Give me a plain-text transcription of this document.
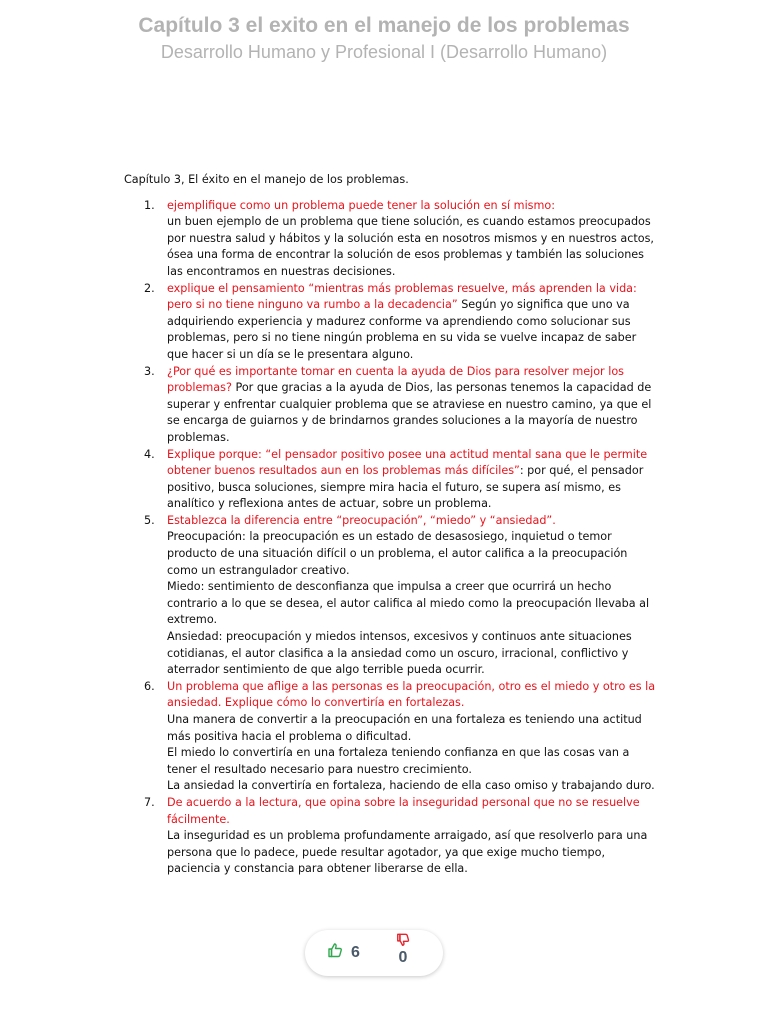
Capítulo 3 el exito en el manejo de los problemas
Desarrollo Humano y Profesional I (Desarrollo Humano)
Capítulo 3, El éxito en el manejo de los problemas.
1. ejemplifique como un problema puede tener la solución en sí mismo:
un buen ejemplo de un problema que tiene solución, es cuando estamos preocupados por nuestra salud y hábitos y la solución esta en nosotros mismos y en nuestros actos, ósea una forma de encontrar la solución de esos problemas y también las soluciones las encontramos en nuestras decisiones.
2. explique el pensamiento “mientras más problemas resuelve, más aprenden la vida: pero si no tiene ninguno va rumbo a la decadencia” Según yo significa que uno va adquiriendo experiencia y madurez conforme va aprendiendo como solucionar sus problemas, pero si no tiene ningún problema en su vida se vuelve incapaz de saber que hacer si un día se le presentara alguno.
3. ¿Por qué es importante tomar en cuenta la ayuda de Dios para resolver mejor los problemas? Por que gracias a la ayuda de Dios, las personas tenemos la capacidad de superar y enfrentar cualquier problema que se atraviese en nuestro camino, ya que el se encarga de guiarnos y de brindarnos grandes soluciones a la mayoría de nuestro problemas.
4. Explique porque: “el pensador positivo posee una actitud mental sana que le permite obtener buenos resultados aun en los problemas más difíciles”: por qué, el pensador positivo, busca soluciones, siempre mira hacia el futuro, se supera así mismo, es analítico y reflexiona antes de actuar, sobre un problema.
5. Establezca la diferencia entre “preocupación”, “miedo” y “ansiedad”.
Preocupación: la preocupación es un estado de desasosiego, inquietud o temor producto de una situación difícil o un problema, el autor califica a la preocupación como un estrangulador creativo.
Miedo: sentimiento de desconfianza que impulsa a creer que ocurrirá un hecho contrario a lo que se desea, el autor califica al miedo como la preocupación llevaba al extremo.
Ansiedad: preocupación y miedos intensos, excesivos y continuos ante situaciones cotidianas, el autor clasifica a la ansiedad como un oscuro, irracional, conflictivo y aterrador sentimiento de que algo terrible pueda ocurrir.
6. Un problema que aflige a las personas es la preocupación, otro es el miedo y otro es la ansiedad. Explique cómo lo convertiría en fortalezas.
Una manera de convertir a la preocupación en una fortaleza es teniendo una actitud más positiva hacia el problema o dificultad.
El miedo lo convertiría en una fortaleza teniendo confianza en que las cosas van a tener el resultado necesario para nuestro crecimiento.
La ansiedad la convertiría en fortaleza, haciendo de ella caso omiso y trabajando duro.
7. De acuerdo a la lectura, que opina sobre la inseguridad personal que no se resuelve fácilmente.
La inseguridad es un problema profundamente arraigado, así que resolverlo para una persona que lo padece, puede resultar agotador, ya que exige mucho tiempo, paciencia y constancia para obtener liberarse de ella.
6 0
